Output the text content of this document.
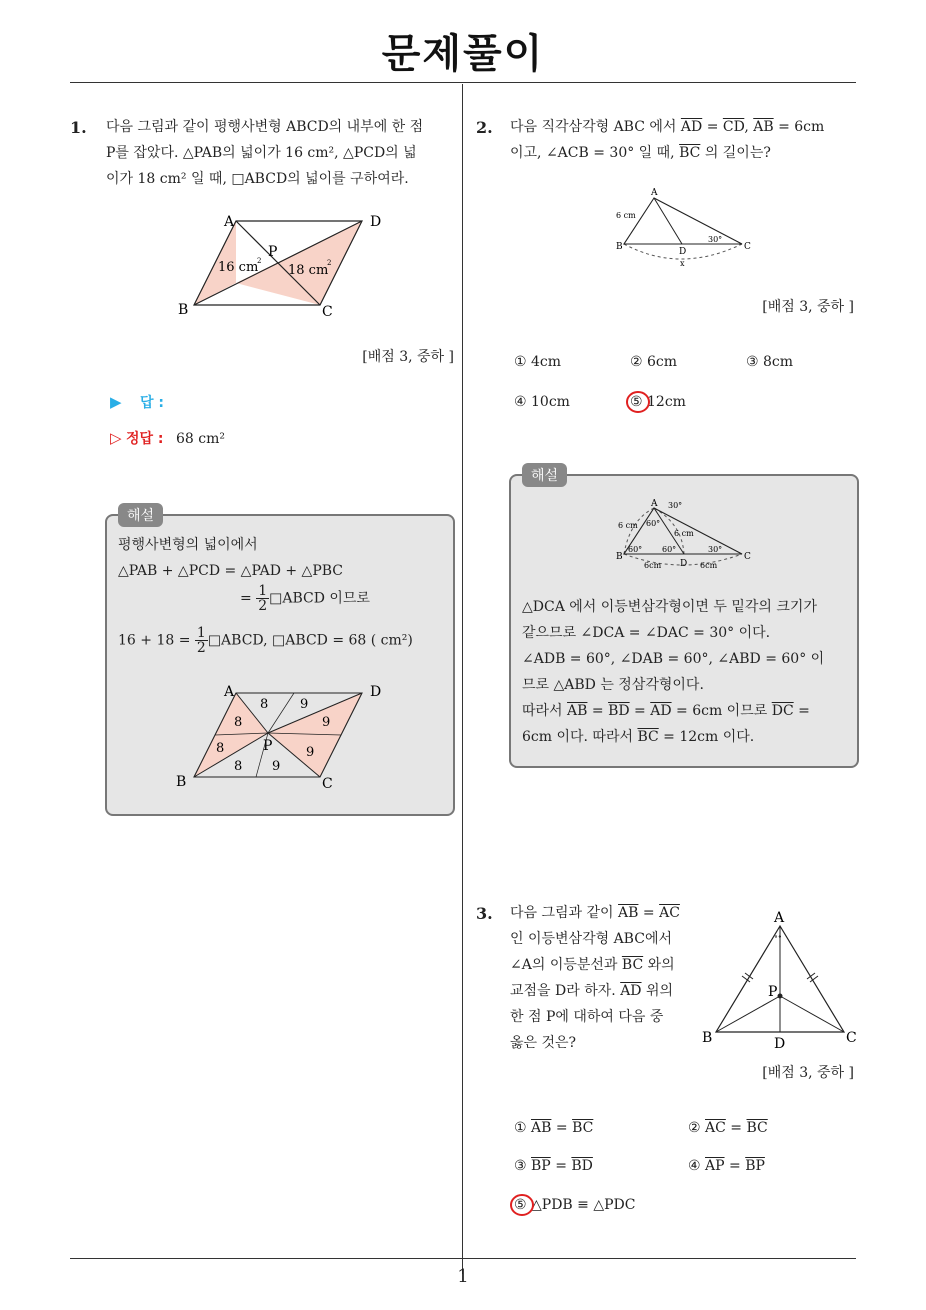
문제풀이
1
1. 다음 그림과 같이 평행사변형 ABCD의 내부에 한 점
P를 잡았다. △PAB의 넓이가 16 cm², △PCD의 넓
이가 18 cm² 일 때, □ABCD의 넓이를 구하여라.
A	D
B	C
P
16 cm
2
18 cm
2
[배점 3, 중하 ]
▶ 답 :
▷ 정답 : 68 cm²
해설
평행사변형의 넓이에서
△PAB + △PCD = △PAD + △PBC
= $\frac{1}{2}$ □ABCD 이므로
$16 + 18 = \frac{1}{2}$ □ABCD, □ABCD = 68 ( cm²)
A	D
B	C
P
8 9
8	9
8	9
8 9
2. 다음 직각삼각형 ABC 에서 $\overline{AD} = \overline{CD}$, $\overline{AB} = 6cm$
이고, ∠ACB = 30° 일 때, $\overline{BC}$ 의 길이는?
A
B	C
D
6 cm
30°
x
[배점 3, 중하 ]
① 4cm	② 6cm	③ 8cm
④ 10cm	⑤ 12cm
해설
A
B	C
D
30°
60°
60° 60°	30°
6 cm
6 cm
6cm	6cm
△DCA 에서 이등변삼각형이면 두 밑각의 크기가
같으므로 ∠DCA = ∠DAC = 30° 이다.
∠ADB = 60°, ∠DAB = 60°, ∠ABD = 60° 이
므로 △ABD 는 정삼각형이다.
따라서 $\overline{AB} = \overline{BD} = \overline{AD} = 6cm$ 이므로 $\overline{DC}$ =
6cm 이다. 따라서 $\overline{BC} = 12cm$ 이다.
3. 다음 그림과 같이 $\overline{AB} = \overline{AC}$
인 이등변삼각형 ABC에서
∠A의 이등분선과 $\overline{BC}$ 와의
교점을 D라 하자. $\overline{AD}$ 위의
한 점 P에 대하여 다음 중
옳은 것은?
∘∘
A
B	C
D
P
[배점 3, 중하 ]
① $\overline{AB} = \overline{BC}$	② $\overline{AC} = \overline{BC}$
③ $\overline{BP} = \overline{BD}$	④ $\overline{AP} = \overline{BP}$
⑤ △PDB ≡ △PDC
